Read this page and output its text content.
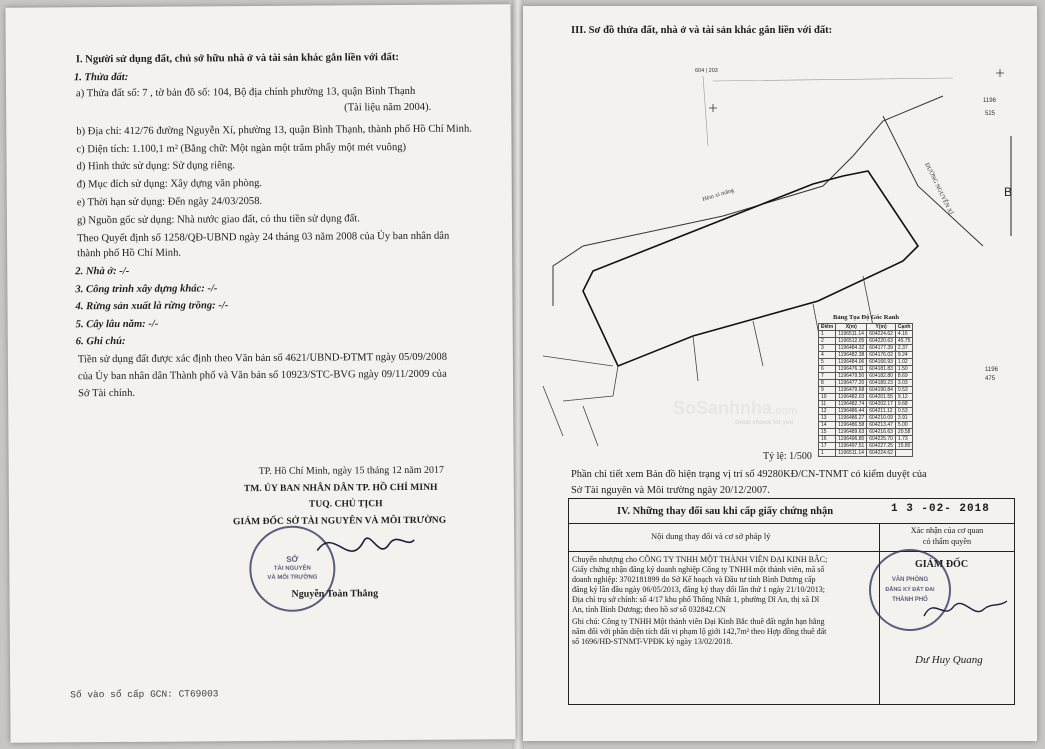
I. Người sử dụng đất, chủ sở hữu nhà ở và tài sản khác gắn liền với đất:
1. Thửa đất:
a) Thửa đất số: 7 , tờ bản đồ số: 104, Bộ địa chính phường 13, quận Bình Thạnh
(Tài liệu năm 2004).
b) Địa chỉ: 412/76 đường Nguyễn Xí, phường 13, quận Bình Thạnh, thành phố Hồ Chí Minh.
c) Diện tích: 1.100,1 m² (Bằng chữ: Một ngàn một trăm phẩy một mét vuông)
d) Hình thức sử dụng: Sử dụng riêng.
đ) Mục đích sử dụng: Xây dựng văn phòng.
e) Thời hạn sử dụng: Đến ngày 24/03/2058.
g) Nguồn gốc sử dụng: Nhà nước giao đất, có thu tiền sử dụng đất.
Theo Quyết định số 1258/QĐ-UBND ngày 24 tháng 03 năm 2008 của Ủy ban nhân dân
thành phố Hồ Chí Minh.
2. Nhà ở: -/-
3. Công trình xây dựng khác: -/-
4. Rừng sản xuất là rừng trồng: -/-
5. Cây lâu năm: -/-
6. Ghi chú:
Tiền sử dụng đất được xác định theo Văn bản số 4621/UBND-ĐTMT ngày 05/09/2008
của Ủy ban nhân dân Thành phố và Văn bản số 10923/STC-BVG ngày 09/11/2009 của
Sở Tài chính.
TP. Hồ Chí Minh, ngày 15 tháng 12 năm 2017
TM. ỦY BAN NHÂN DÂN TP. HỒ CHÍ MINH
TUQ. CHỦ TỊCH
GIÁM ĐỐC SỞ TÀI NGUYÊN VÀ MÔI TRƯỜNG
SỞ
TÀI NGUYÊN
VÀ MÔI TRƯỜNG
Nguyễn Toàn Thắng
Số vào sổ cấp GCN: CT69003
III. Sơ đồ thửa đất, nhà ở và tài sản khác gắn liền với đất:
Hẻm xi măng	ĐƯỜNG NGUYỄN XÍ
604 | 203
1196
525
1196
475
B
SoSanhnha.com
Great choice for you
Bảng Tọa Độ Góc Ranh
Điểm	X(m)	Y(m)	Cạnh
1	1196511.14	604224.62	4.16
2	1196512.05	604220.63	45.75
3	1196484.32	604177.39	2.37
4	1196482.38	604176.02	9.24
5	1196484.06	604166.93	1.02
6	1196476.11	604181.83	1.50
7	1196479.50	604182.80	8.69
8	1196477.20	604189.23	3.03
9	1196479.68	604190.84	0.53
10	1196482.03	604201.55	9.12
11	1196482.74	604202.17	9.68
12	1196486.44	604211.12	0.53
13	1196486.27	604210.09	3.91
14	1196486.58	604213.47	5.00
15	1196489.63	604216.63	20.58
16	1196496.80	604225.70	1.73
17	1196497.51	604227.25	15.80
1	1196511.14	604224.62	
Tỷ lệ: 1/500
Phần chi tiết xem Bản đồ hiện trạng vị trí số 49280KĐ/CN-TNMT có kiểm duyệt của
Sở Tài nguyên và Môi trường ngày 20/12/2007.
IV. Những thay đổi sau khi cấp giấy chứng nhận	1 3 -02- 2018
Nội dung thay đổi và cơ sở pháp lý
Xác nhận của cơ quan
có thẩm quyền
Chuyển nhượng cho CÔNG TY TNHH MỘT THÀNH VIÊN ĐẠI KINH BẮC;
Giấy chứng nhận đăng ký doanh nghiệp Công ty TNHH một thành viên, mã số
doanh nghiệp: 3702181899 do Sở Kế hoạch và Đầu tư tỉnh Bình Dương cấp
đăng ký lần đầu ngày 06/05/2013, đăng ký thay đổi lần thứ 1 ngày 21/10/2013;
Địa chỉ trụ sở chính: số 4/17 khu phố Thống Nhất 1, phường Dĩ An, thị xã Dĩ
An, tỉnh Bình Dương; theo hồ sơ số 032842.CN
Ghi chú: Công ty TNHH Một thành viên Đại Kinh Bắc thuê đất ngắn hạn hằng
năm đối với phần diện tích đất vi phạm lộ giới 142,7m² theo Hợp đồng thuê đất
số 1696/HĐ-STNMT-VPĐK ký ngày 13/02/2018.
GIÁM ĐỐC
VĂN PHÒNG
ĐĂNG KÝ ĐẤT ĐAI
THÀNH PHỐ
Dư Huy Quang
